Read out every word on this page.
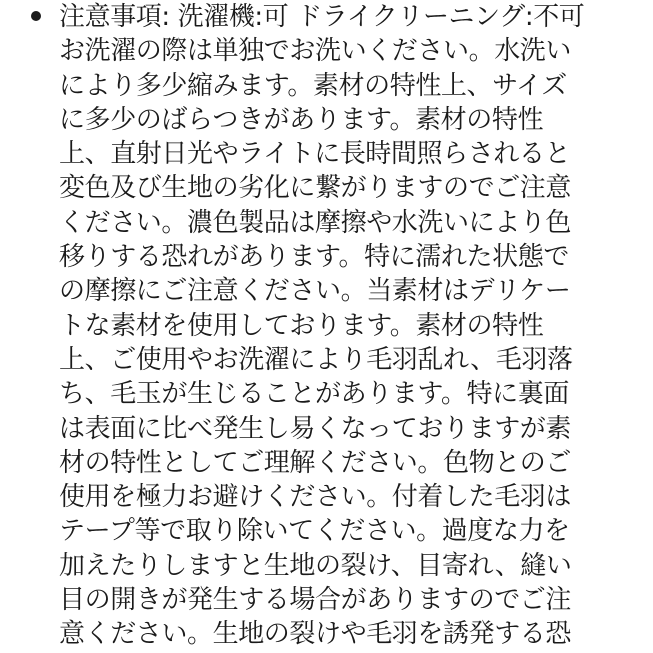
注意事項: 洗濯機:可 ドライクリーニング:不可
お洗濯の際は単独でお洗いください。水洗い
により多少縮みます。素材の特性上、サイズ
に多少のばらつきがあります。素材の特性
上、直射日光やライトに長時間照らされると
変色及び生地の劣化に繋がりますのでご注意
ください。濃色製品は摩擦や水洗いにより色
移りする恐れがあります。特に濡れた状態で
の摩擦にご注意ください。当素材はデリケー
トな素材を使用しております。素材の特性
上、ご使用やお洗濯により毛羽乱れ、毛羽落
ち、毛玉が生じることがあります。特に裏面
は表面に比べ発生し易くなっておりますが素
材の特性としてご理解ください。色物とのご
使用を極力お避けください。付着した毛羽は
テープ等で取り除いてください。過度な力を
加えたりしますと生地の裂け、目寄れ、縫い
目の開きが発生する場合がありますのでご注
意ください。生地の裂けや毛羽を誘発する恐
